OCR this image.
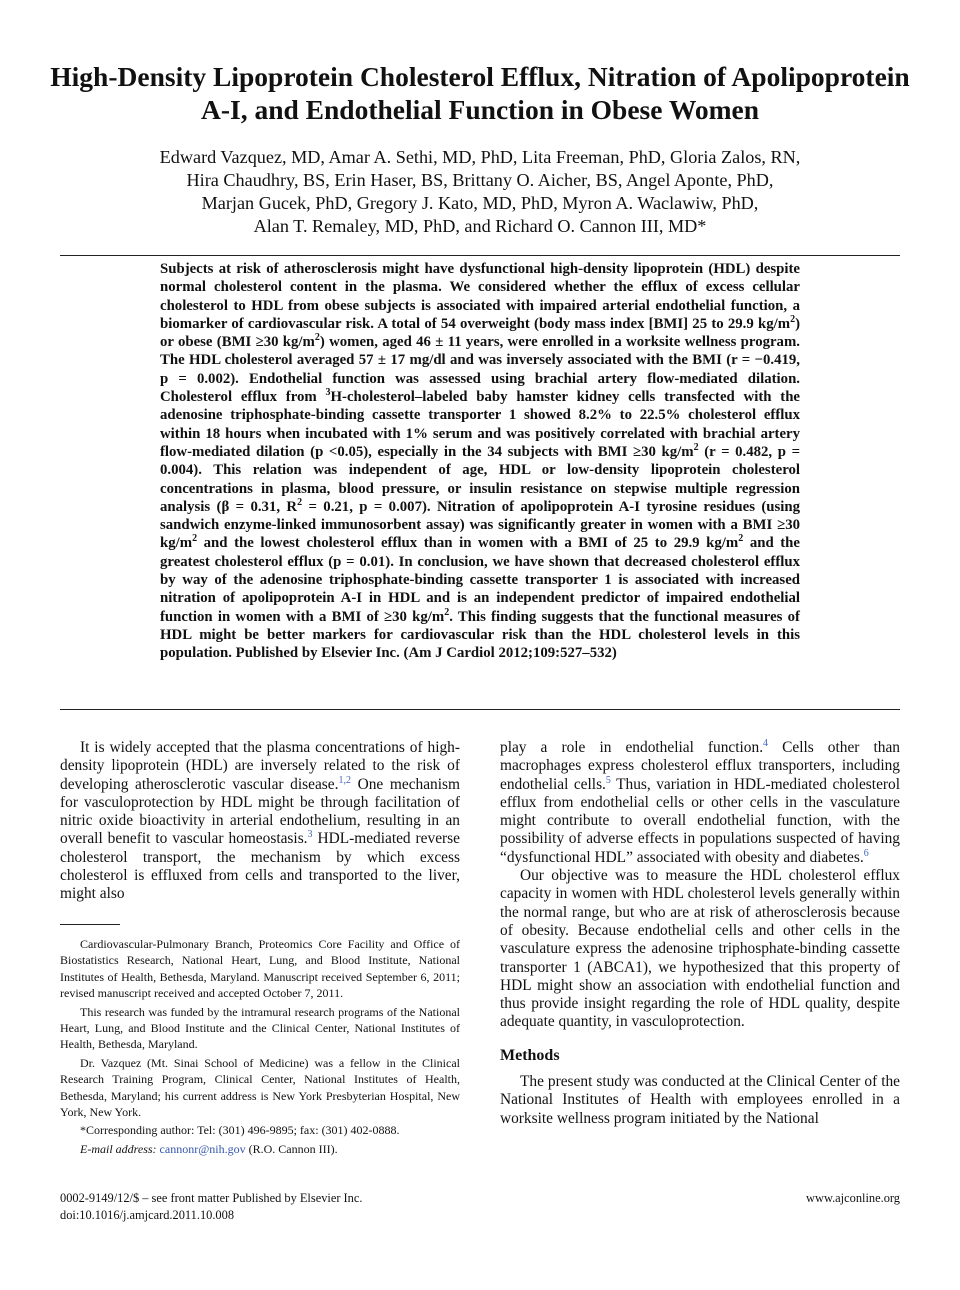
High-Density Lipoprotein Cholesterol Efflux, Nitration of Apolipoprotein A-I, and Endothelial Function in Obese Women
Edward Vazquez, MD, Amar A. Sethi, MD, PhD, Lita Freeman, PhD, Gloria Zalos, RN,
Hira Chaudhry, BS, Erin Haser, BS, Brittany O. Aicher, BS, Angel Aponte, PhD,
Marjan Gucek, PhD, Gregory J. Kato, MD, PhD, Myron A. Waclawiw, PhD,
Alan T. Remaley, MD, PhD, and Richard O. Cannon III, MD*
Subjects at risk of atherosclerosis might have dysfunctional high-density lipoprotein (HDL) despite normal cholesterol content in the plasma. We considered whether the efflux of excess cellular cholesterol to HDL from obese subjects is associated with impaired arterial endothelial function, a biomarker of cardiovascular risk. A total of 54 overweight (body mass index [BMI] 25 to 29.9 $kg/m^2$) or obese (BMI ≥30 $kg/m^2$) women, aged 46 ± 11 years, were enrolled in a worksite wellness program. The HDL cholesterol averaged 57 ± 17 mg/dl and was inversely associated with the BMI (r = −0.419, p = 0.002). Endothelial function was assessed using brachial artery flow-mediated dilation. Cholesterol efflux from $^3$H-cholesterol–labeled baby hamster kidney cells transfected with the adenosine triphosphate-binding cassette transporter 1 showed 8.2% to 22.5% cholesterol efflux within 18 hours when incubated with 1% serum and was positively correlated with brachial artery flow-mediated dilation (p <0.05), especially in the 34 subjects with BMI ≥30 $kg/m^2$ (r = 0.482, p = 0.004). This relation was independent of age, HDL or low-density lipoprotein cholesterol concentrations in plasma, blood pressure, or insulin resistance on stepwise multiple regression analysis (β = 0.31, $R^2 = 0.21$, p = 0.007). Nitration of apolipoprotein A-I tyrosine residues (using sandwich enzyme-linked immunosorbent assay) was significantly greater in women with a BMI ≥30 $kg/m^2$ and the lowest cholesterol efflux than in women with a BMI of 25 to 29.9 $kg/m^2$ and the greatest cholesterol efflux (p = 0.01). In conclusion, we have shown that decreased cholesterol efflux by way of the adenosine triphosphate-binding cassette transporter 1 is associated with increased nitration of apolipoprotein A-I in HDL and is an independent predictor of impaired endothelial function in women with a BMI of ≥30 $kg/m^2$. This finding suggests that the functional measures of HDL might be better markers for cardiovascular risk than the HDL cholesterol levels in this population. Published by Elsevier Inc. (Am J Cardiol 2012;109:527–532)

It is widely accepted that the plasma concentrations of high-density lipoprotein (HDL) are inversely related to the risk of developing atherosclerotic vascular disease.$^{1,2}$ One mechanism for vasculoprotection by HDL might be through facilitation of nitric oxide bioactivity in arterial endothelium, resulting in an overall benefit to vascular homeostasis.$^3$ HDL-mediated reverse cholesterol transport, the mechanism by which excess cholesterol is effluxed from cells and transported to the liver, might also

Cardiovascular-Pulmonary Branch, Proteomics Core Facility and Office of Biostatistics Research, National Heart, Lung, and Blood Institute, National Institutes of Health, Bethesda, Maryland. Manuscript received September 6, 2011; revised manuscript received and accepted October 7, 2011.

This research was funded by the intramural research programs of the National Heart, Lung, and Blood Institute and the Clinical Center, National Institutes of Health, Bethesda, Maryland.

Dr. Vazquez (Mt. Sinai School of Medicine) was a fellow in the Clinical Research Training Program, Clinical Center, National Institutes of Health, Bethesda, Maryland; his current address is New York Presbyterian Hospital, New York, New York.

*Corresponding author: Tel: (301) 496-9895; fax: (301) 402-0888.

E-mail address: cannonr@nih.gov (R.O. Cannon III).

play a role in endothelial function.$^4$ Cells other than macrophages express cholesterol efflux transporters, including endothelial cells.$^5$ Thus, variation in HDL-mediated cholesterol efflux from endothelial cells or other cells in the vasculature might contribute to overall endothelial function, with the possibility of adverse effects in populations suspected of having “dysfunctional HDL” associated with obesity and diabetes.$^6$

Our objective was to measure the HDL cholesterol efflux capacity in women with HDL cholesterol levels generally within the normal range, but who are at risk of atherosclerosis because of obesity. Because endothelial cells and other cells in the vasculature express the adenosine triphosphate-binding cassette transporter 1 (ABCA1), we hypothesized that this property of HDL might show an association with endothelial function and thus provide insight regarding the role of HDL quality, despite adequate quantity, in vasculoprotection.

Methods

The present study was conducted at the Clinical Center of the National Institutes of Health with employees enrolled in a worksite wellness program initiated by the National

0002-9149/12/$ – see front matter Published by Elsevier Inc.
doi:10.1016/j.amjcard.2011.10.008
www.ajconline.org
